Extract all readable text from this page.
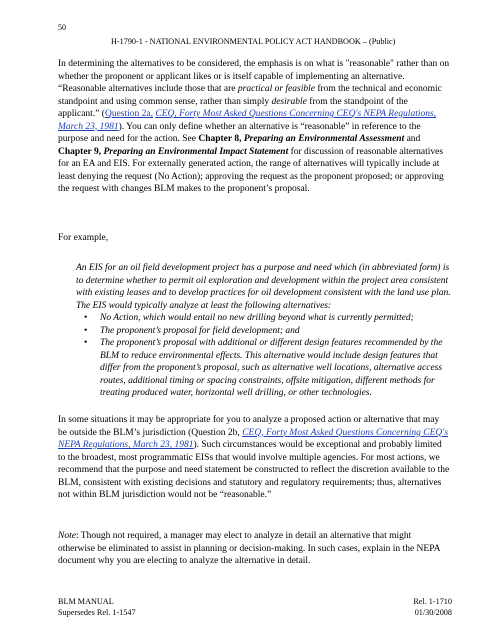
50
H-1790-1 - NATIONAL ENVIRONMENTAL POLICY ACT HANDBOOK – (Public)

In determining the alternatives to be considered, the emphasis is on what is "reasonable" rather than on whether the proponent or applicant likes or is itself capable of implementing an alternative. “Reasonable alternatives include those that are practical or feasible from the technical and economic standpoint and using common sense, rather than simply desirable from the standpoint of the applicant.” (Question 2a, CEQ, Forty Most Asked Questions Concerning CEQ's NEPA Regulations, March 23, 1981). You can only define whether an alternative is “reasonable” in reference to the purpose and need for the action. See Chapter 8, Preparing an Environmental Assessment and Chapter 9, Preparing an Environmental Impact Statement for discussion of reasonable alternatives for an EA and EIS. For externally generated action, the range of alternatives will typically include at least denying the request (No Action); approving the request as the proponent proposed; or approving the request with changes BLM makes to the proponent’s proposal.

For example,

An EIS for an oil field development project has a purpose and need which (in abbreviated form) is to determine whether to permit oil exploration and development within the project area consistent with existing leases and to develop practices for oil development consistent with the land use plan. The EIS would typically analyze at least the following alternatives:

• No Action, which would entail no new drilling beyond what is currently permitted;
• The proponent’s proposal for field development; and
• The proponent’s proposal with additional or different design features recommended by the BLM to reduce environmental effects. This alternative would include design features that differ from the proponent’s proposal, such as alternative well locations, alternative access routes, additional timing or spacing constraints, offsite mitigation, different methods for treating produced water, horizontal well drilling, or other technologies.

In some situations it may be appropriate for you to analyze a proposed action or alternative that may be outside the BLM’s jurisdiction (Question 2b, CEQ, Forty Most Asked Questions Concerning CEQ's NEPA Regulations, March 23, 1981). Such circumstances would be exceptional and probably limited to the broadest, most programmatic EISs that would involve multiple agencies. For most actions, we recommend that the purpose and need statement be constructed to reflect the discretion available to the BLM, consistent with existing decisions and statutory and regulatory requirements; thus, alternatives not within BLM jurisdiction would not be “reasonable.”

Note: Though not required, a manager may elect to analyze in detail an alternative that might otherwise be eliminated to assist in planning or decision-making. In such cases, explain in the NEPA document why you are electing to analyze the alternative in detail.

BLM MANUAL	Rel. 1-1710
Supersedes Rel. 1-1547	01/30/2008
